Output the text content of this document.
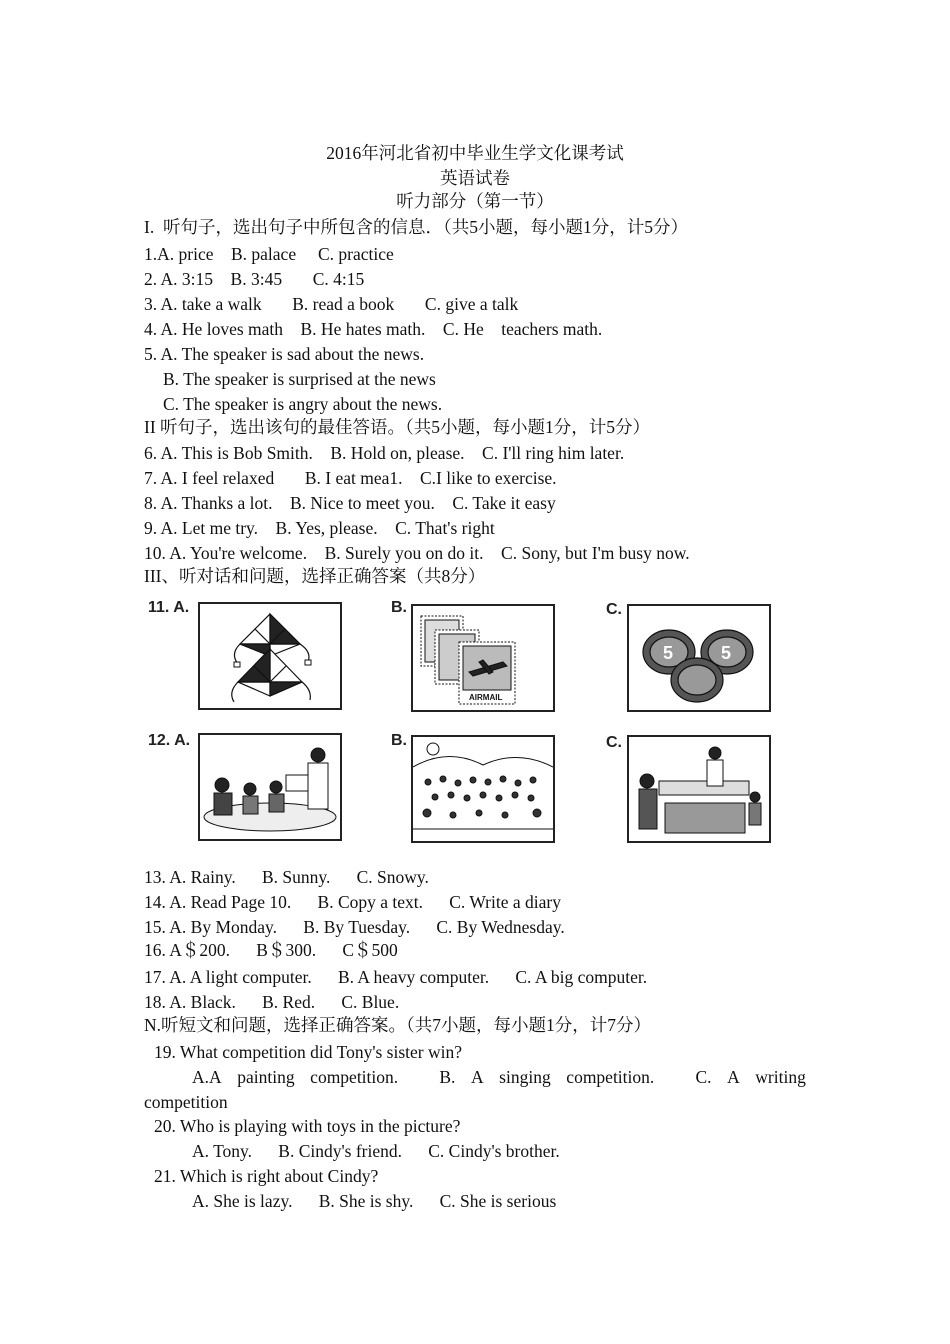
2016年河北省初中毕业生学文化课考试
英语试卷
听力部分（第一节）
I.  听句子，选出句子中所包含的信息．（共5小题，每小题1分，计5分）
1.A. price    B. palace     C. practice
2. A. 3:15    B. 3:45       C. 4:15
3. A. take a walk       B. read a book       C. give a talk
4. A. He loves math    B. He hates math.    C. He    teachers math.
5. A. The speaker is sad about the news.
B. The speaker is surprised at the news
C. The speaker is angry about the news.
II 听句子，选出该句的最佳答语。（共5小题，每小题1分，计5分）
6. A. This is Bob Smith.    B. Hold on, please.    C. I'll ring him later.
7. A. I feel relaxed       B. I eat mea1.    C.I like to exercise.
8. A. Thanks a lot.    B. Nice to meet you.    C. Take it easy
9. A. Let me try.    B. Yes, please.    C. That's right
10. A. You're welcome.    B. Surely you on do it.    C. Sony, but I'm busy now.
III、听对话和问题，选择正确答案（共8分）
11. A.	B.
AIRMAIL
C.
5	5
12. A.	B.	C.
13. A. Rainy.      B. Sunny.      C. Snowy.
14. A. Read Page 10.      B. Copy a text.      C. Write a diary
15. A. By Monday.      B. By Tuesday.      C. By Wednesday.
16. A＄200.      B＄300.      C＄500
17. A. A light computer.      B. A heavy computer.      C. A big computer.
18. A. Black.      B. Red.      C. Blue.
N.听短文和问题，选择正确答案。（共7小题，每小题1分，计7分）
19. What competition did Tony's sister win?
A.A painting competition. B. A singing competition. C. A writing
competition
20. Who is playing with toys in the picture?
A. Tony.      B. Cindy's friend.      C. Cindy's brother.
21. Which is right about Cindy?
A. She is lazy.      B. She is shy.      C. She is serious
